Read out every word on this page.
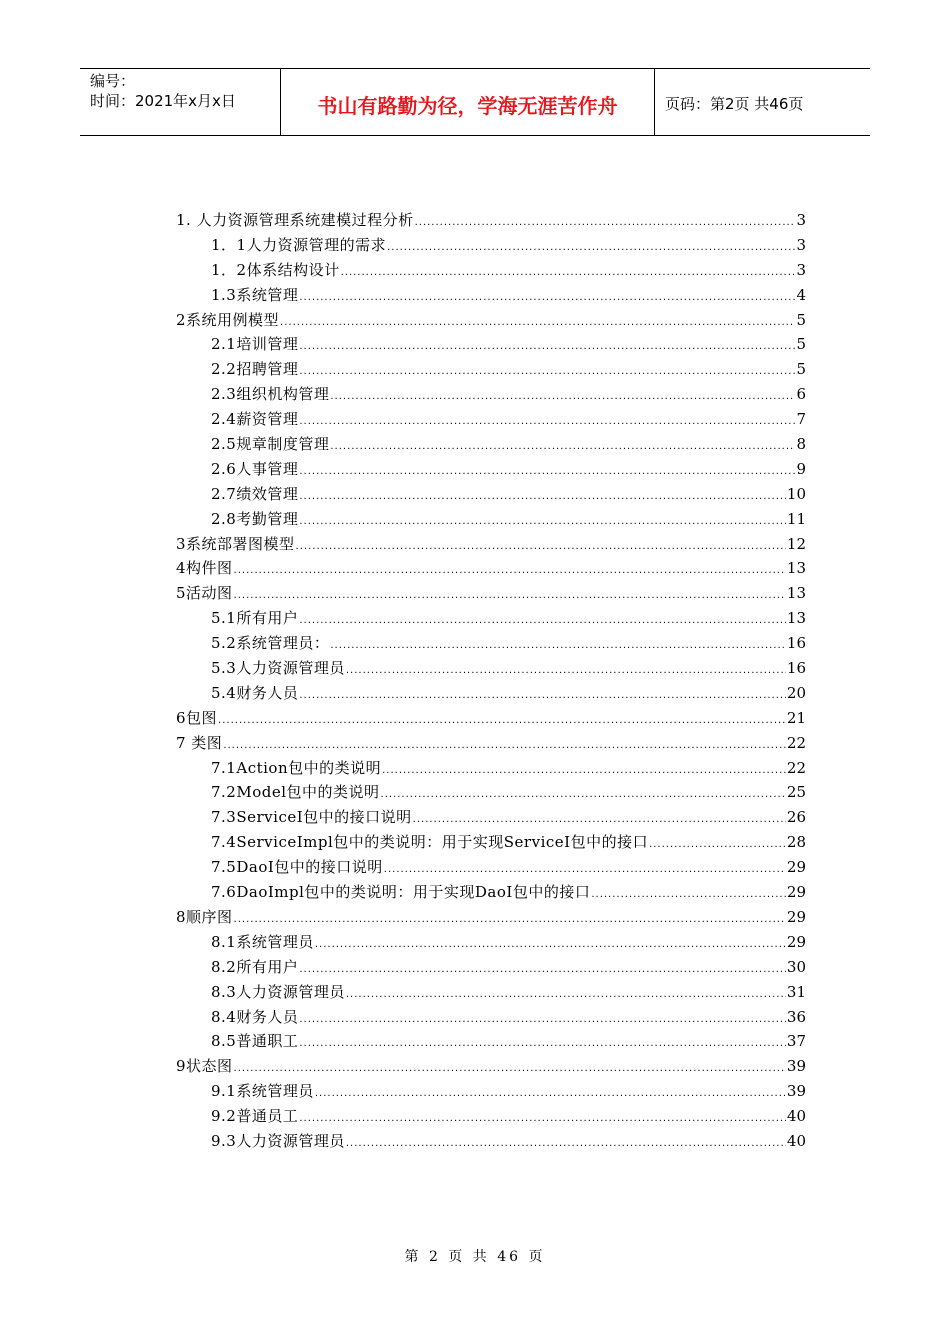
编号：
时间：2021年x月x日	书山有路勤为径，学海无涯苦作舟	页码：第2页 共46页
1. 人力资源管理系统建模过程分析 .....	3
1．1人力资源管理的需求 .....	3
1．2体系结构设计 .....	3
1.3系统管理 .....	4
2系统用例模型 .....	5
2.1培训管理 .....	5
2.2招聘管理 .....	5
2.3组织机构管理 .....	6
2.4薪资管理 .....	7
2.5规章制度管理 .....	8
2.6人事管理 .....	9
2.7绩效管理 .....	10
2.8考勤管理 .....	11
3系统部署图模型 .....	12
4构件图 .....	13
5活动图 .....	13
5.1所有用户 .....	13
5.2系统管理员： .....	16
5.3人力资源管理员 .....	16
5.4财务人员 .....	20
6包图 .....	21
7 类图 .....	22
7.1Action包中的类说明 .....	22
7.2Model包中的类说明 .....	25
7.3ServiceI包中的接口说明 .....	26
7.4ServiceImpl包中的类说明：用于实现ServiceI包中的接口 .....	28
7.5DaoI包中的接口说明 .....	29
7.6DaoImpl包中的类说明：用于实现DaoI包中的接口 .....	29
8顺序图 .....	29
8.1系统管理员 .....	29
8.2所有用户 .....	30
8.3人力资源管理员 .....	31
8.4财务人员 .....	36
8.5普通职工 .....	37
9状态图 .....	39
9.1系统管理员 .....	39
9.2普通员工 .....	40
9.3人力资源管理员 .....	40
第 2 页 共 46 页
